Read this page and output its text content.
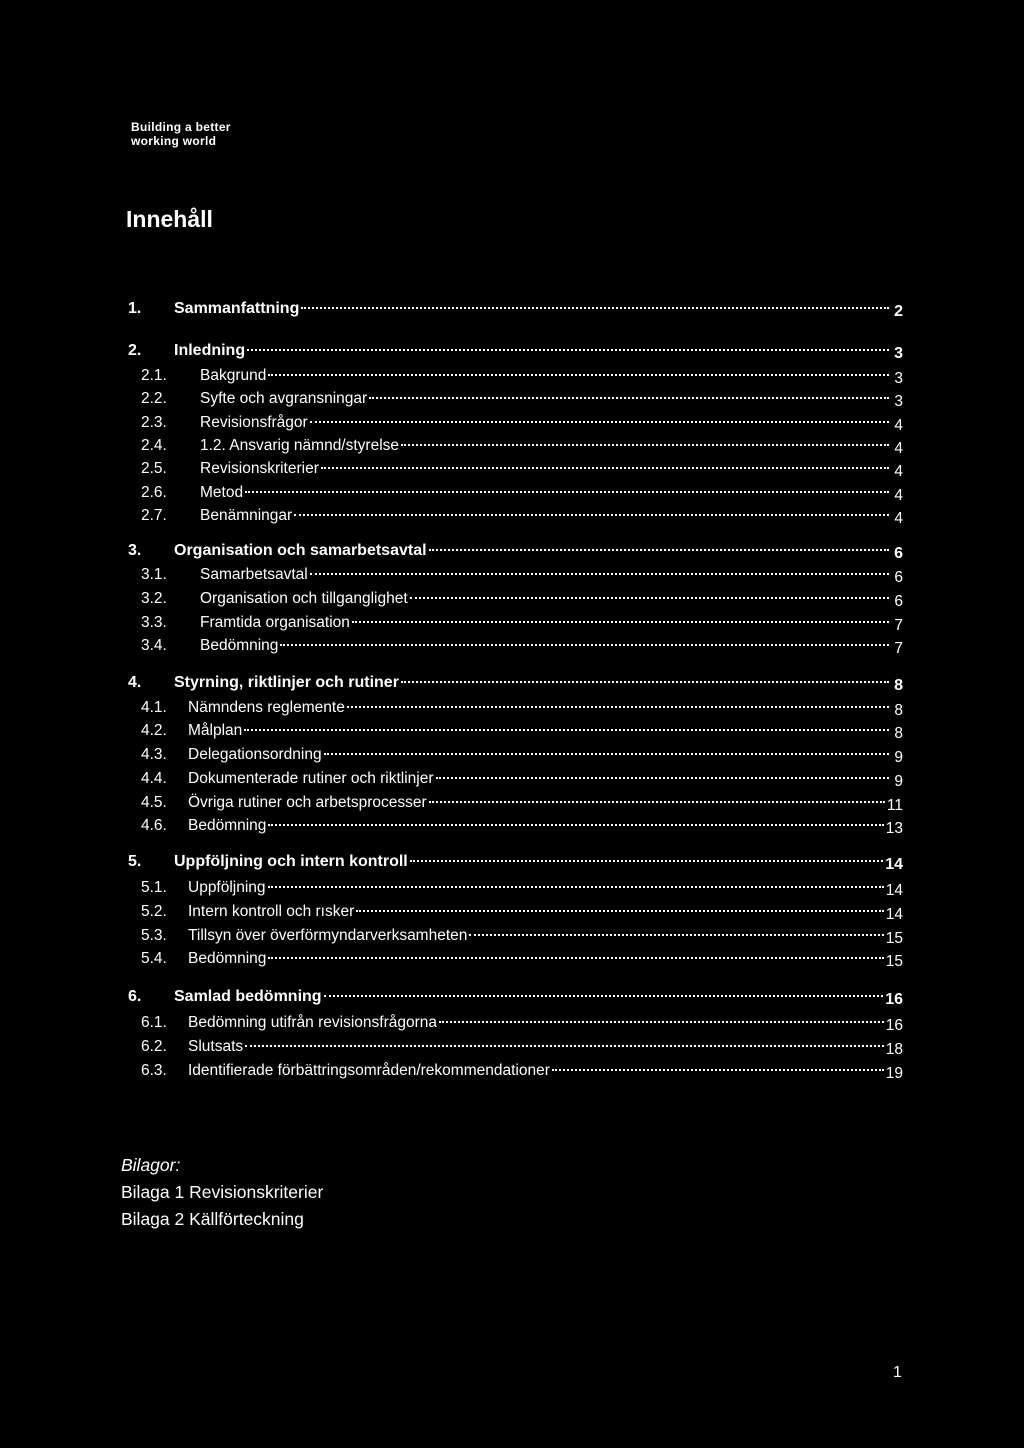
Building a better
working world
Innehåll
1. Sammanfattning	2
2. Inledning	3
2.1. Bakgrund	3
2.2. Syfte och avgransningar	3
2.3. Revisionsfrågor	4
2.4. 1.2. Ansvarig nämnd/styrelse	4
2.5. Revisionskriterier	4
2.6. Metod	4
2.7. Benämningar	4
3. Organisation och samarbetsavtal	6
3.1. Samarbetsavtal	6
3.2. Organisation och tillganglighet	6
3.3. Framtida organisation	7
3.4. Bedömning	7
4. Styrning, riktlinjer och rutiner	8
4.1. Nämndens reglemente	8
4.2. Målplan	8
4.3. Delegationsordning	9
4.4. Dokumenterade rutiner och riktlinjer	9
4.5. Övriga rutiner och arbetsprocesser	11
4.6. Bedömning	13
5. Uppföljning och intern kontroll	14
5.1. Uppföljning	14
5.2. Intern kontroll och rısker	14
5.3. Tillsyn över överförmyndarverksamheten	15
5.4. Bedömning	15
6. Samlad bedömning	16
6.1. Bedömning utifrån revisionsfrågorna	16
6.2. Slutsats	18
6.3. Identifierade förbättringsområden/rekommendationer	19
Bilagor:
Bilaga 1 Revisionskriterier
Bilaga 2 Källförteckning
1
